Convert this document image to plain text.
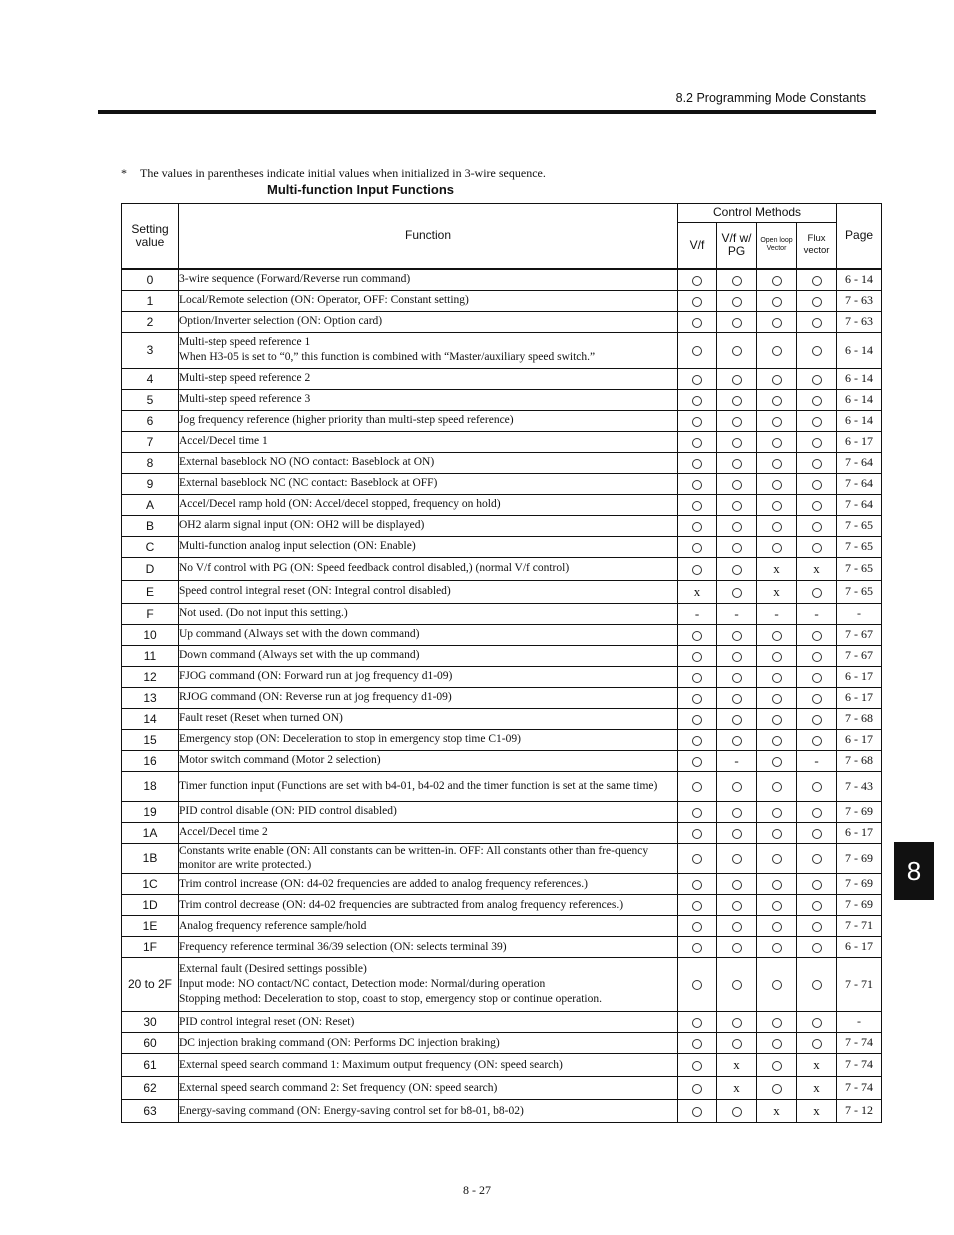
8.2 Programming Mode Constants
* The values in parentheses indicate initial values when initialized in 3-wire sequence.
Multi-function Input Functions
Setting value	Function	Control Methods				Page
		V/f	V/f w/ PG	Open loop Vector	Flux vector	
0	3-wire sequence (Forward/Reverse run command)					6 - 14
1	Local/Remote selection (ON: Operator, OFF: Constant setting)					7 - 63
2	Option/Inverter selection (ON: Option card)					7 - 63
3	Multi-step speed reference 1
When H3-05 is set to “0,” this function is combined with “Master/auxiliary speed switch.”					6 - 14
4	Multi-step speed reference 2					6 - 14
5	Multi-step speed reference 3					6 - 14
6	Jog frequency reference (higher priority than multi-step speed reference)					6 - 14
7	Accel/Decel time 1					6 - 17
8	External baseblock NO (NO contact: Baseblock at ON)					7 - 64
9	External baseblock NC (NC contact: Baseblock at OFF)					7 - 64
A	Accel/Decel ramp hold (ON: Accel/decel stopped, frequency on hold)					7 - 64
B	OH2 alarm signal input (ON: OH2 will be displayed)					7 - 65
C	Multi-function analog input selection (ON: Enable)					7 - 65
D	No V/f control with PG (ON: Speed feedback control disabled,) (normal V/f control)			x	x	7 - 65
E	Speed control integral reset (ON: Integral control disabled)	x		x		7 - 65
F	Not used. (Do not input this setting.)	-	-	-	-	-
10	Up command (Always set with the down command)					7 - 67
11	Down command (Always set with the up command)					7 - 67
12	FJOG command (ON: Forward run at jog frequency d1-09)					6 - 17
13	RJOG command (ON: Reverse run at jog frequency d1-09)					6 - 17
14	Fault reset (Reset when turned ON)					7 - 68
15	Emergency stop (ON: Deceleration to stop in emergency stop time C1-09)					6 - 17
16	Motor switch command (Motor 2 selection)		-		-	7 - 68
18	Timer function input (Functions are set with b4-01, b4-02 and the timer function is set at the same time)					7 - 43
19	PID control disable (ON: PID control disabled)					7 - 69
1A	Accel/Decel time 2					6 - 17
1B	Constants write enable (ON: All constants can be written-in. OFF: All constants other than fre-quency monitor are write protected.)					7 - 69
1C	Trim control increase (ON: d4-02 frequencies are added to analog frequency references.)					7 - 69
1D	Trim control decrease (ON: d4-02 frequencies are subtracted from analog frequency references.)					7 - 69
1E	Analog frequency reference sample/hold					7 - 71
1F	Frequency reference terminal 36/39 selection (ON: selects terminal 39)					6 - 17
20 to 2F	External fault (Desired settings possible)
Input mode: NO contact/NC contact, Detection mode: Normal/during operation
Stopping method: Deceleration to stop, coast to stop, emergency stop or continue operation.					7 - 71
30	PID control integral reset (ON: Reset)					-
60	DC injection braking command (ON: Performs DC injection braking)					7 - 74
61	External speed search command 1: Maximum output frequency (ON: speed search)		x		x	7 - 74
62	External speed search command 2: Set frequency (ON: speed search)		x		x	7 - 74
63	Energy-saving command (ON: Energy-saving control set for b8-01, b8-02)			x	x	7 - 12
8
8 - 27
